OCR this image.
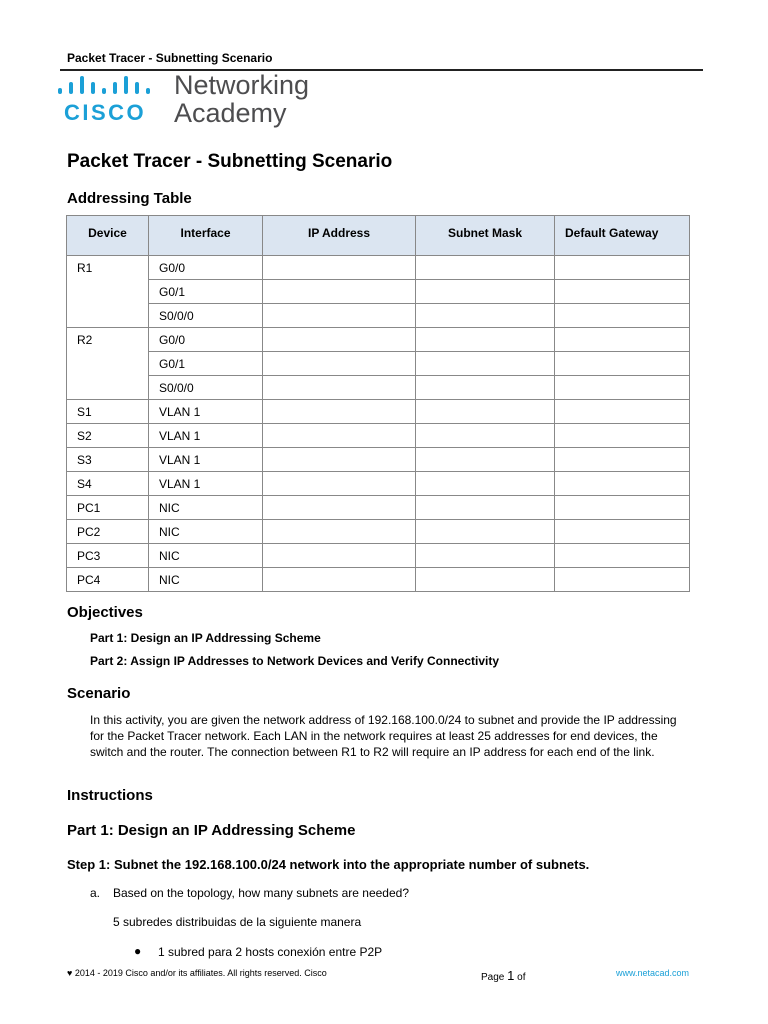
Packet Tracer - Subnetting Scenario
CISCO
Networking
Academy
Packet Tracer - Subnetting Scenario
Addressing Table
Device	Interface	IP Address	Subnet Mask	Default Gateway
R1	G0/0			
	G0/1			
	S0/0/0			
R2	G0/0			
	G0/1			
	S0/0/0			
S1	VLAN 1			
S2	VLAN 1			
S3	VLAN 1			
S4	VLAN 1			
PC1	NIC			
PC2	NIC			
PC3	NIC			
PC4	NIC			
Objectives
Part 1: Design an IP Addressing Scheme
Part 2: Assign IP Addresses to Network Devices and Verify Connectivity
Scenario
In this activity, you are given the network address of 192.168.100.0/24 to subnet and provide the IP addressing for the Packet Tracer network. Each LAN in the network requires at least 25 addresses for end devices, the switch and the router. The connection between R1 to R2 will require an IP address for each end of the link.
Instructions
Part 1: Design an IP Addressing Scheme
Step 1: Subnet the 192.168.100.0/24 network into the appropriate number of subnets.
a. Based on the topology, how many subnets are needed?
5 subredes distribuidas de la siguiente manera
● 1 subred para 2 hosts conexión entre P2P
♥ 2014 - 2019 Cisco and/or its affiliates. All rights reserved. Cisco	Page 1 of	www.netacad.com
